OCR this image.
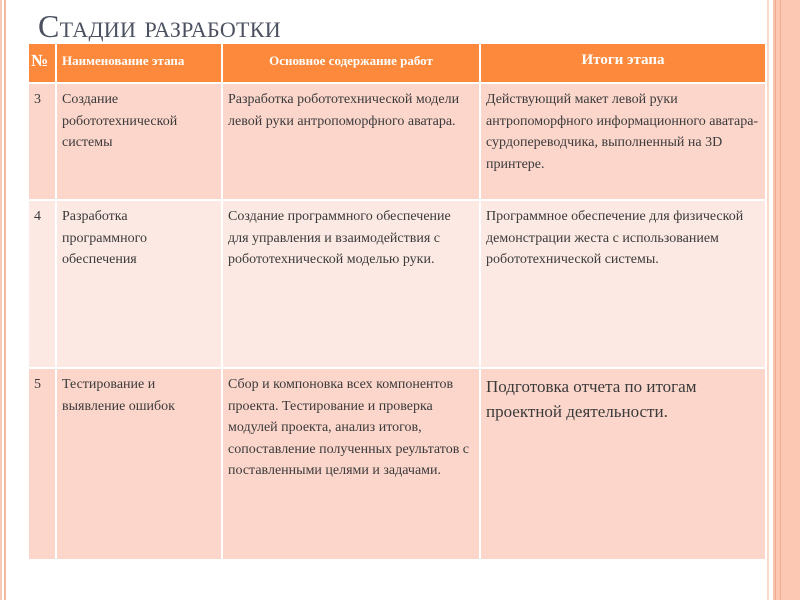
Стадии разработки
№	Наименование этапа	Основное содержание работ	Итоги этапа
3	Создание робототехнической системы	Разработка робототехнической модели левой руки антропоморфного аватара.	Действующий макет левой руки антропоморфного информационного аватара-сурдопереводчика, выполненный на 3D принтере.
4	Разработка программного обеспечения	Создание программного обеспечение для управления и взаимодействия с робототехнической моделью руки.	Программное обеспечение для физической демонстрации жеста с использованием робототехнической системы.
5	Тестирование и выявление ошибок	Сбор и компоновка всех компонентов проекта. Тестирование и проверка модулей проекта, анализ итогов, сопоставление полученных реультатов с поставленными целями и задачами.	Подготовка отчета по итогам проектной деятельности.
